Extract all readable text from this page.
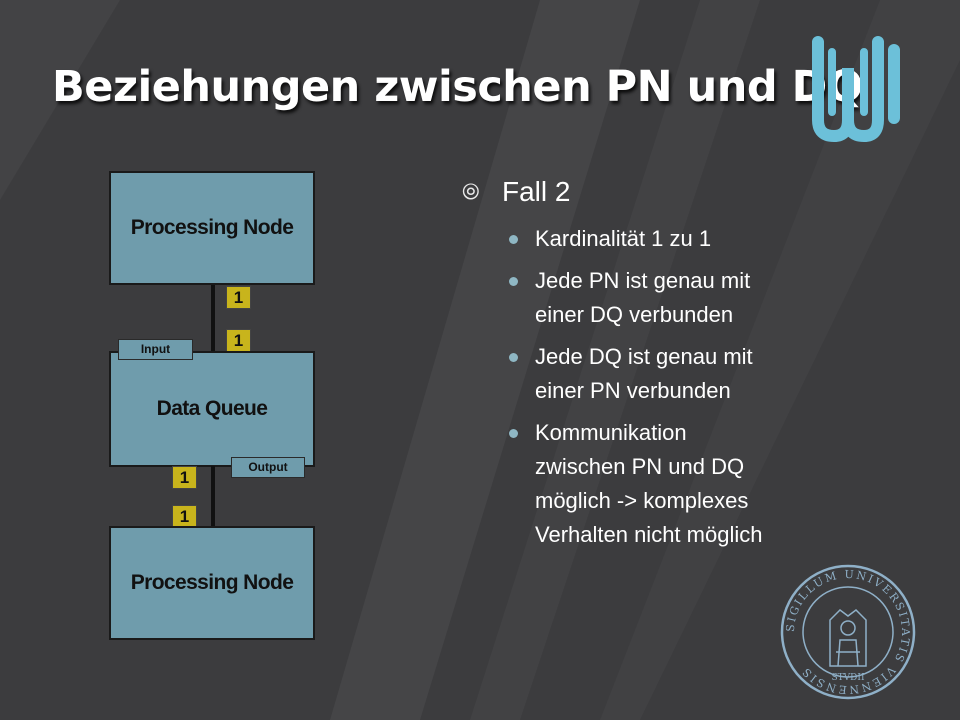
Beziehungen zwischen PN und DQ
Processing Node
1
1
Data Queue
Input
Output
1
1
Processing Node
⦾ Fall 2
Kardinalität 1 zu 1
Jede PN ist genau mit
einer DQ verbunden
Jede DQ ist genau mit
einer PN verbunden
Kommunikation
zwischen PN und DQ
möglich -> komplexes
Verhalten nicht möglich
SIGILLUM UNIVERSITATIS VIENNENSIS	STVDII
